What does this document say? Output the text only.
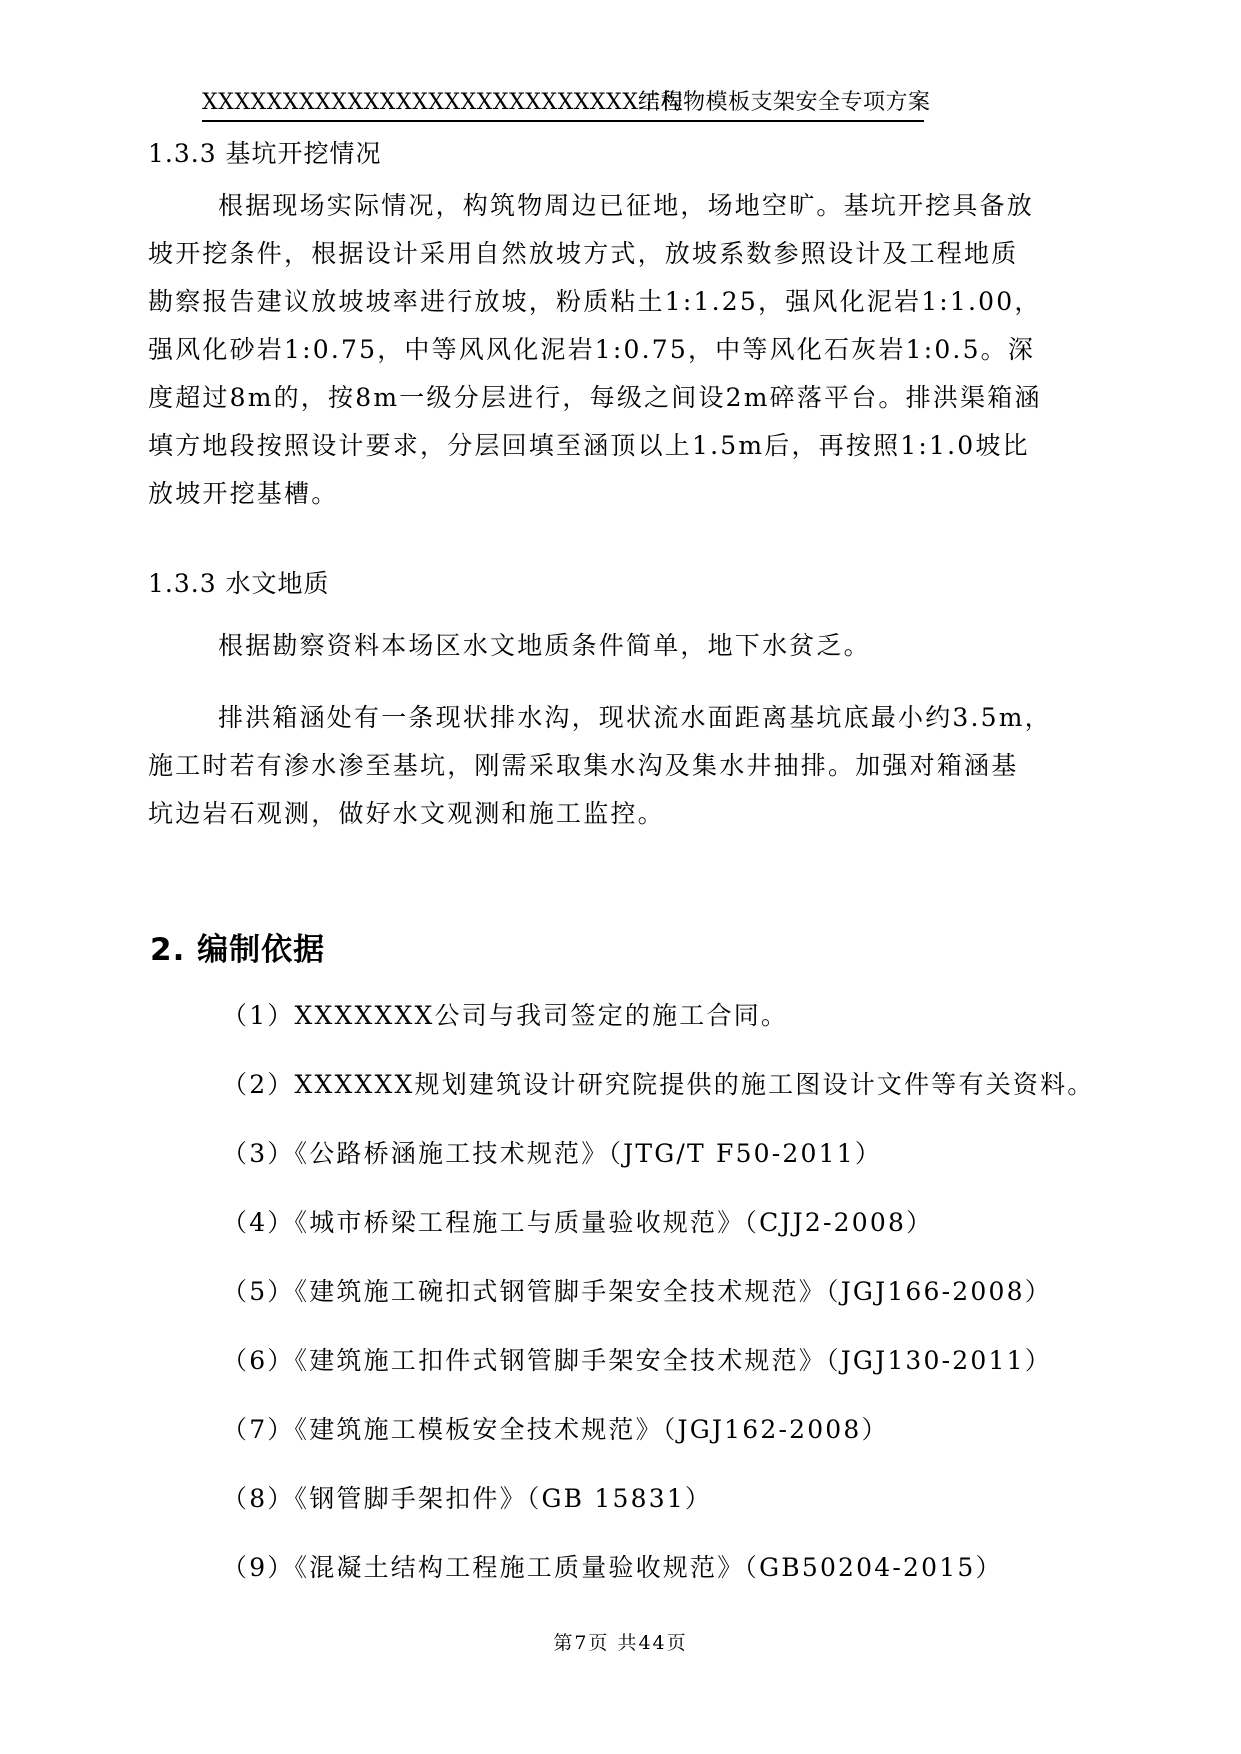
XXXXXXXXXXXXXXXXXXXXXXXXXXX工程
结构物模板支架安全专项方案
1.3.3 基坑开挖情况
根据现场实际情况，构筑物周边已征地，场地空旷。基坑开挖具备放
坡开挖条件，根据设计采用自然放坡方式，放坡系数参照设计及工程地质
勘察报告建议放坡坡率进行放坡，粉质粘土1:1.25，强风化泥岩1:1.00，
强风化砂岩1:0.75，中等风风化泥岩1:0.75，中等风化石灰岩1:0.5。深
度超过8m的，按8m一级分层进行，每级之间设2m碎落平台。排洪渠箱涵
填方地段按照设计要求，分层回填至涵顶以上1.5m后，再按照1:1.0坡比
放坡开挖基槽。
1.3.3 水文地质
根据勘察资料本场区水文地质条件简单，地下水贫乏。
排洪箱涵处有一条现状排水沟，现状流水面距离基坑底最小约3.5m，
施工时若有渗水渗至基坑，刚需采取集水沟及集水井抽排。加强对箱涵基
坑边岩石观测，做好水文观测和施工监控。
2. 编制依据
（1）XXXXXXX公司与我司签定的施工合同。
（2）XXXXXX规划建筑设计研究院提供的施工图设计文件等有关资料。
（3）《公路桥涵施工技术规范》（JTG/T F50-2011）
（4）《城市桥梁工程施工与质量验收规范》（CJJ2-2008）
（5）《建筑施工碗扣式钢管脚手架安全技术规范》（JGJ166-2008）
（6）《建筑施工扣件式钢管脚手架安全技术规范》（JGJ130-2011）
（7）《建筑施工模板安全技术规范》（JGJ162-2008）
（8）《钢管脚手架扣件》（GB 15831）
（9）《混凝土结构工程施工质量验收规范》（GB50204-2015）
第7页 共44页
